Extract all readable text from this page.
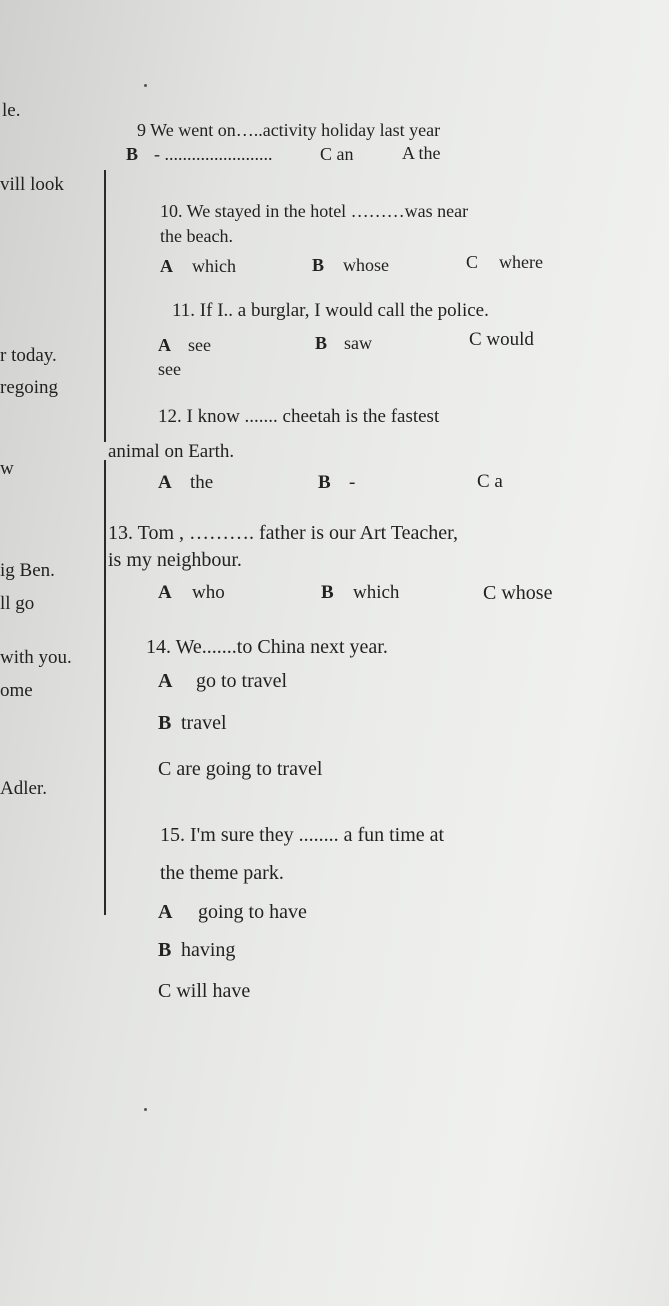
le.
vill look
r today.
regoing
w
ig Ben.
ll go
with you.
ome
Adler.
9 We went on…..activity holiday last year
B - ........................	C an	A the
10. We stayed in the hotel ………was near
the beach.
A which	B whose	C where
11. If I.. a burglar, I would call the police.
A see
see
B saw	C would
12. I know ....... cheetah is the fastest
animal on Earth.
A the	B -	C a
13. Tom , ………. father is our Art Teacher,
is my neighbour.
A who	B which	C whose
14. We.......to China next year.
A go to travel
B travel
C are going to travel
15. I'm sure they ........ a fun time at
the theme park.
A going to have
B having
C will have
